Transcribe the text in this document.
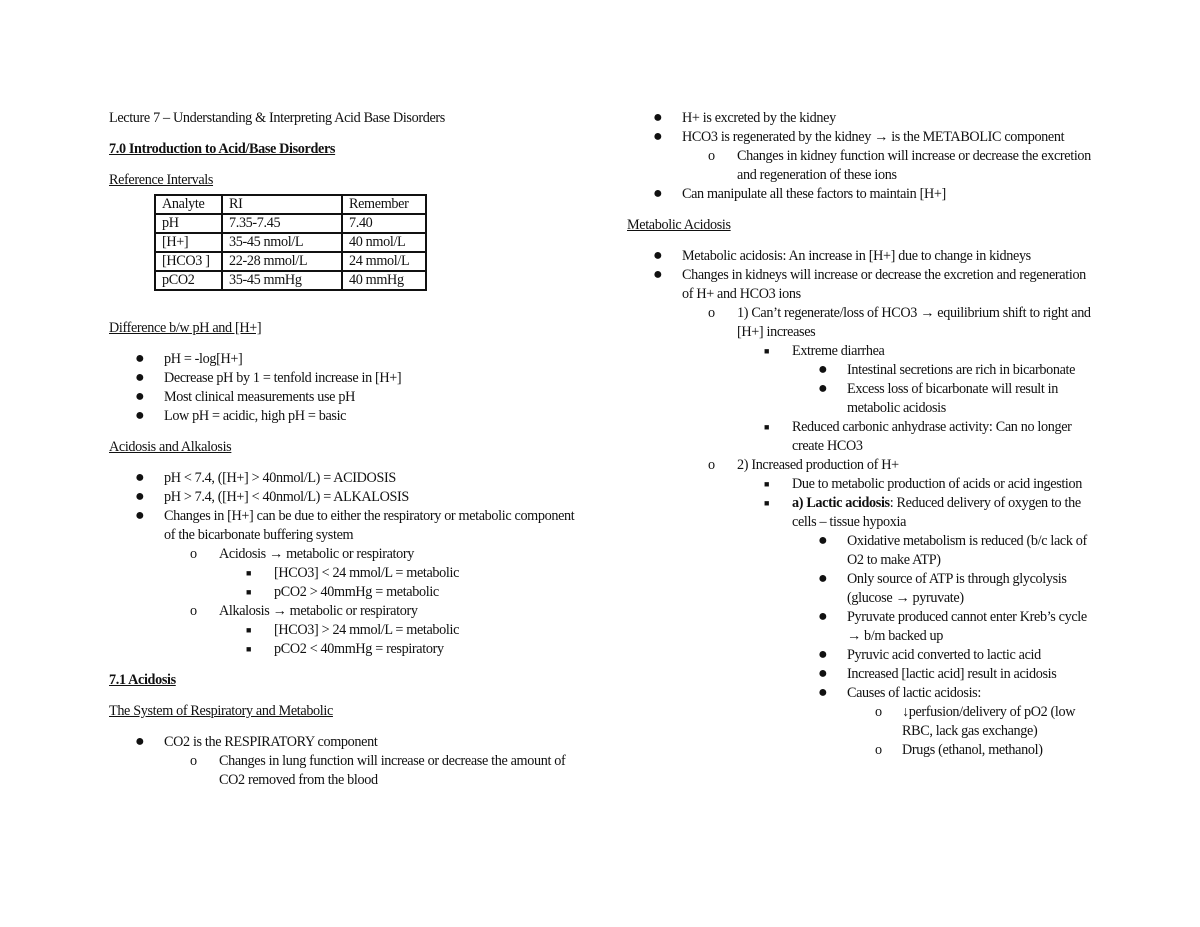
Lecture 7 – Understanding & Interpreting Acid Base Disorders

7.0 Introduction to Acid/Base Disorders

Reference Intervals

Analyte	RI	Remember
pH	7.35-7.45	7.40
[H+]	35-45 nmol/L	40 nmol/L
[HCO3 ]	22-28 mmol/L	24 mmol/L
pCO2	35-45 mmHg	40 mmHg

Difference b/w pH and [H+]

● pH = -log[H+]
● Decrease pH by 1 = tenfold increase in [H+]
● Most clinical measurements use pH
● Low pH = acidic, high pH = basic

Acidosis and Alkalosis

● pH < 7.4, ([H+] > 40nmol/L) = ACIDOSIS
● pH > 7.4, ([H+] < 40nmol/L) = ALKALOSIS
● Changes in [H+] can be due to either the respiratory or metabolic component of the bicarbonate buffering system
o Acidosis → metabolic or respiratory
■ [HCO3] < 24 mmol/L = metabolic
■ pCO2 > 40mmHg = metabolic
o Alkalosis → metabolic or respiratory
■ [HCO3] > 24 mmol/L = metabolic
■ pCO2 < 40mmHg = respiratory

7.1 Acidosis

The System of Respiratory and Metabolic

● CO2 is the RESPIRATORY component
o Changes in lung function will increase or decrease the amount of CO2 removed from the blood
● H+ is excreted by the kidney
● HCO3 is regenerated by the kidney → is the METABOLIC component
o Changes in kidney function will increase or decrease the excretion and regeneration of these ions
● Can manipulate all these factors to maintain [H+]

Metabolic Acidosis

● Metabolic acidosis: An increase in [H+] due to change in kidneys
● Changes in kidneys will increase or decrease the excretion and regeneration of H+ and HCO3 ions
o 1) Can’t regenerate/loss of HCO3 → equilibrium shift to right and [H+] increases
■ Extreme diarrhea
● Intestinal secretions are rich in bicarbonate
● Excess loss of bicarbonate will result in metabolic acidosis
■ Reduced carbonic anhydrase activity: Can no longer create HCO3
o 2) Increased production of H+
■ Due to metabolic production of acids or acid ingestion
■ a) Lactic acidosis: Reduced delivery of oxygen to the cells – tissue hypoxia
● Oxidative metabolism is reduced (b/c lack of O2 to make ATP)
● Only source of ATP is through glycolysis (glucose → pyruvate)
● Pyruvate produced cannot enter Kreb’s cycle → b/m backed up
● Pyruvic acid converted to lactic acid
● Increased [lactic acid] result in acidosis
● Causes of lactic acidosis:
o ↓perfusion/delivery of pO2 (low RBC, lack gas exchange)
o Drugs (ethanol, methanol)
